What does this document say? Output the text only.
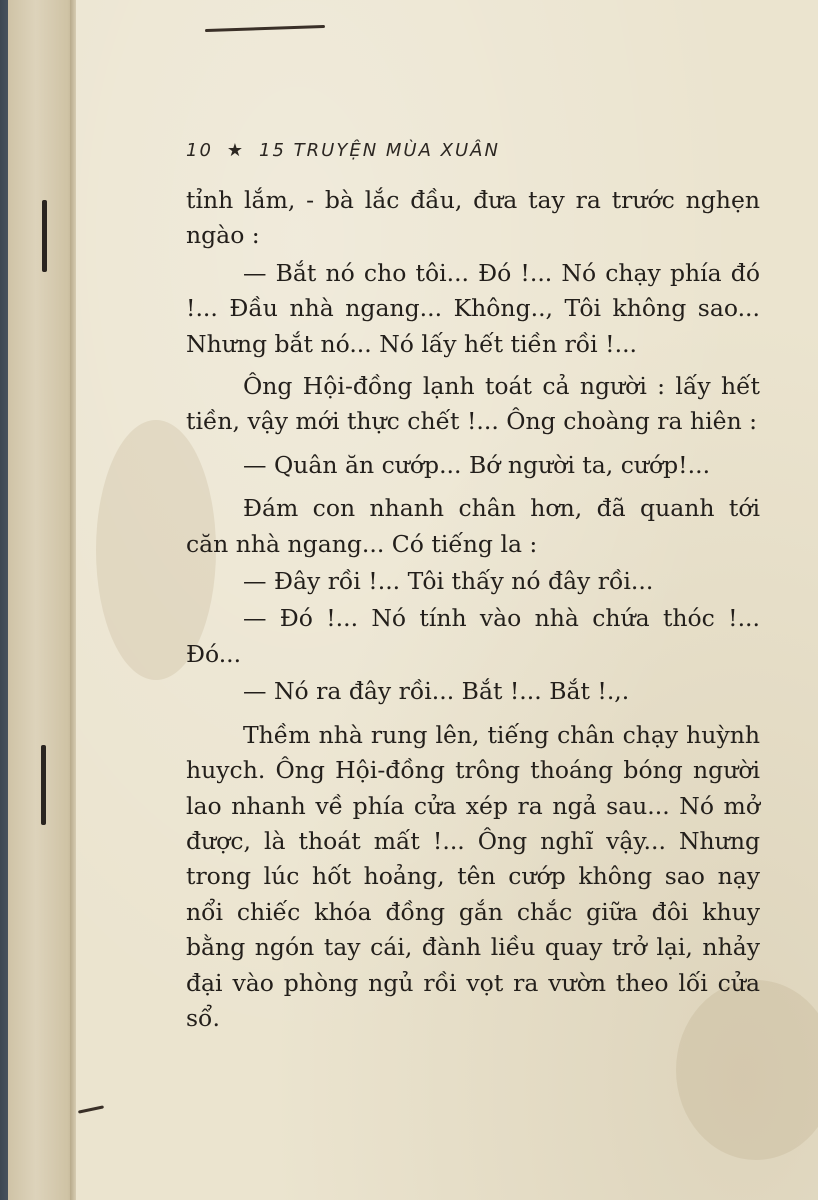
10 ★ 15 TRUYỆN MÙA XUÂN

tỉnh lắm, - bà lắc đầu, đưa tay ra trước nghẹn ngào :

— Bắt nó cho tôi... Đó !... Nó chạy phía đó !... Đầu nhà ngang... Không.., Tôi không sao... Nhưng bắt nó... Nó lấy hết tiền rồi !...

Ông Hội-đồng lạnh toát cả người : lấy hết tiền, vậy mới thực chết !... Ông choàng ra hiên :

— Quân ăn cướp... Bớ người ta, cướp!...

Đám con nhanh chân hơn, đã quanh tới căn nhà ngang... Có tiếng la :

— Đây rồi !... Tôi thấy nó đây rồi...

— Đó !... Nó tính vào nhà chứa thóc !... Đó...

— Nó ra đây rồi... Bắt !... Bắt !.,.

Thềm nhà rung lên, tiếng chân chạy huỳnh huych. Ông Hội-đồng trông thoáng bóng người lao nhanh về phía cửa xép ra ngả sau... Nó mở được, là thoát mất !... Ông nghĩ vậy... Nhưng trong lúc hốt hoảng, tên cướp không sao nạy nổi chiếc khóa đồng gắn chắc giữa đôi khuy bằng ngón tay cái, đành liều quay trở lại, nhảy đại vào phòng ngủ rồi vọt ra vườn theo lối cửa sổ.
